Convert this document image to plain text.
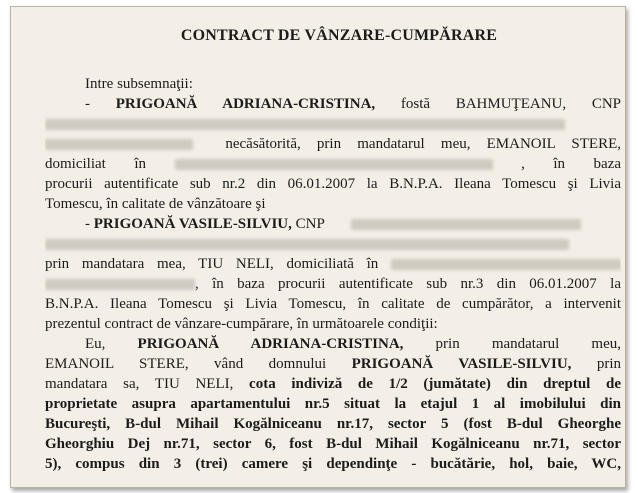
CONTRACT DE VÂNZARE-CUMPĂRARE
Intre subsemnaţii:
- PRIGOANĂ ADRIANA-CRISTINA, fostă BAHMUŢEANU, CNP
necăsătorită, prin mandatarul meu, EMANOIL STERE,
domiciliat în	, în baza
procurii autentificate sub nr.2 din 06.01.2007 la B.N.P.A. Ileana Tomescu şi Livia
Tomescu, în calitate de vânzătoare şi
- PRIGOANĂ VASILE-SILVIU, CNP
prin mandatara mea, TIU NELI, domiciliată în
, în baza procurii autentificate sub nr.3 din 06.01.2007 la
B.N.P.A. Ileana Tomescu şi Livia Tomescu, în calitate de cumpărător, a intervenit
prezentul contract de vânzare-cumpărare, în următoarele condiţii:
Eu, PRIGOANĂ ADRIANA-CRISTINA, prin mandatarul meu,
EMANOIL STERE, vând domnului PRIGOANĂ VASILE-SILVIU, prin
mandatara sa, TIU NELI, cota indiviză de 1/2 (jumătate) din dreptul de
proprietate asupra apartamentului nr.5 situat la etajul 1 al imobilului din
Bucureşti, B-dul Mihail Kogălniceanu nr.17, sector 5 (fost B-dul Gheorghe
Gheorghiu Dej nr.71, sector 6, fost B-dul Mihail Kogălniceanu nr.71, sector
5), compus din 3 (trei) camere şi dependinţe - bucătărie, hol, baie, WC,
